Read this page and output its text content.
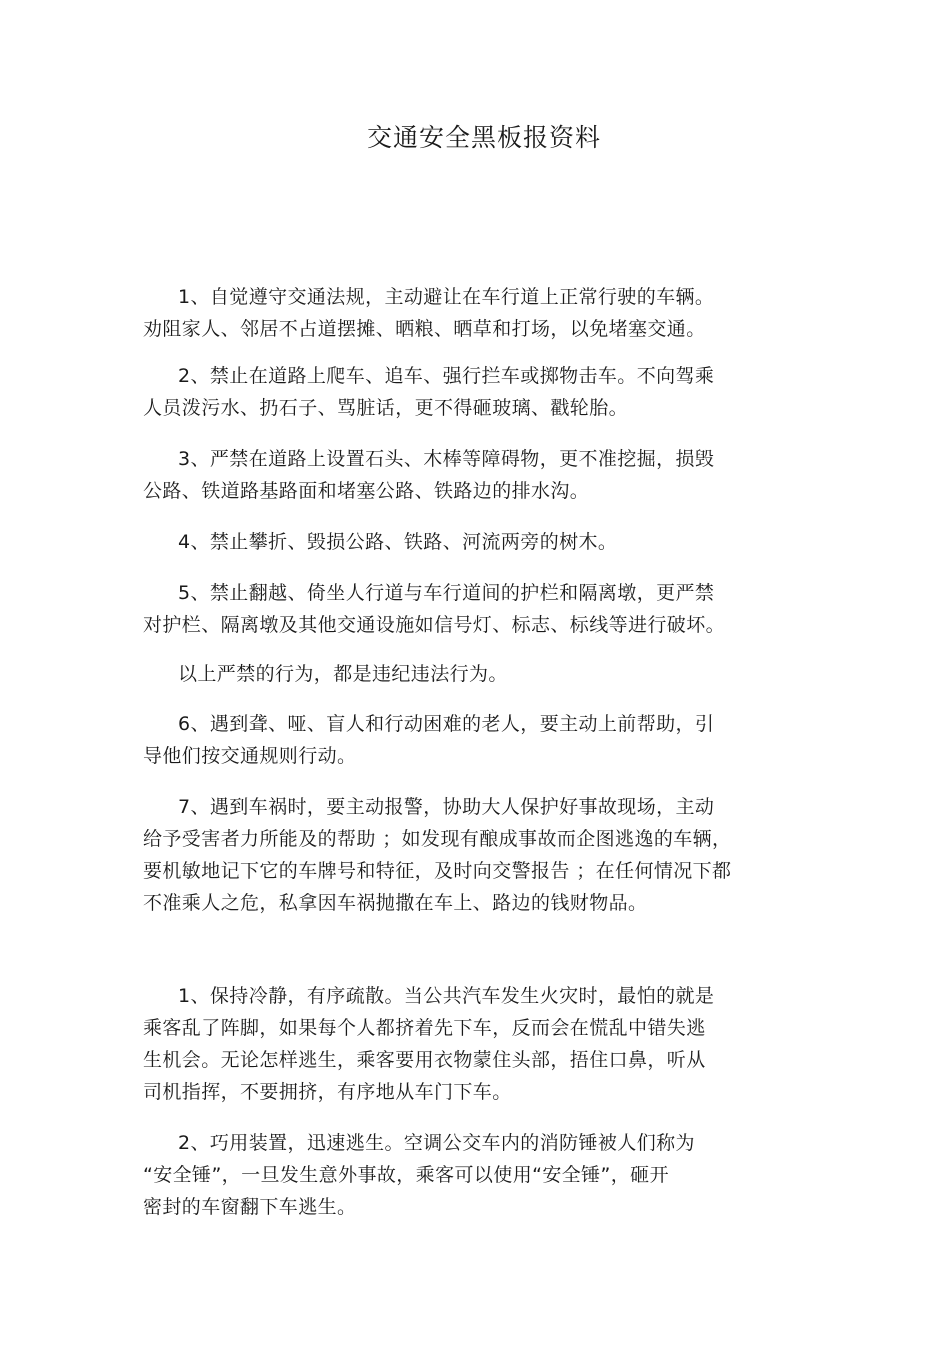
交通安全黑板报资料
1、自觉遵守交通法规，主动避让在车行道上正常行驶的车辆。
劝阻家人、邻居不占道摆摊、晒粮、晒草和打场，以免堵塞交通。
2、禁止在道路上爬车、追车、强行拦车或掷物击车。不向驾乘
人员泼污水、扔石子、骂脏话，更不得砸玻璃、戳轮胎。
3、严禁在道路上设置石头、木棒等障碍物，更不准挖掘，损毁
公路、铁道路基路面和堵塞公路、铁路边的排水沟。
4、禁止攀折、毁损公路、铁路、河流两旁的树木。
5、禁止翻越、倚坐人行道与车行道间的护栏和隔离墩，更严禁
对护栏、隔离墩及其他交通设施如信号灯、标志、标线等进行破坏。
以上严禁的行为，都是违纪违法行为。
6、遇到聋、哑、盲人和行动困难的老人，要主动上前帮助，引
导他们按交通规则行动。
7、遇到车祸时，要主动报警，协助大人保护好事故现场，主动
给予受害者力所能及的帮助 ；如发现有酿成事故而企图逃逸的车辆，
要机敏地记下它的车牌号和特征，及时向交警报告 ；在任何情况下都
不准乘人之危，私拿因车祸抛撒在车上、路边的钱财物品。
1、保持冷静，有序疏散。当公共汽车发生火灾时，最怕的就是
乘客乱了阵脚，如果每个人都挤着先下车，反而会在慌乱中错失逃
生机会。无论怎样逃生，乘客要用衣物蒙住头部，捂住口鼻，听从
司机指挥，不要拥挤，有序地从车门下车。
2、巧用装置，迅速逃生。空调公交车内的消防锤被人们称为
“安全锤”，一旦发生意外事故，乘客可以使用“安全锤”，砸开
密封的车窗翻下车逃生。
